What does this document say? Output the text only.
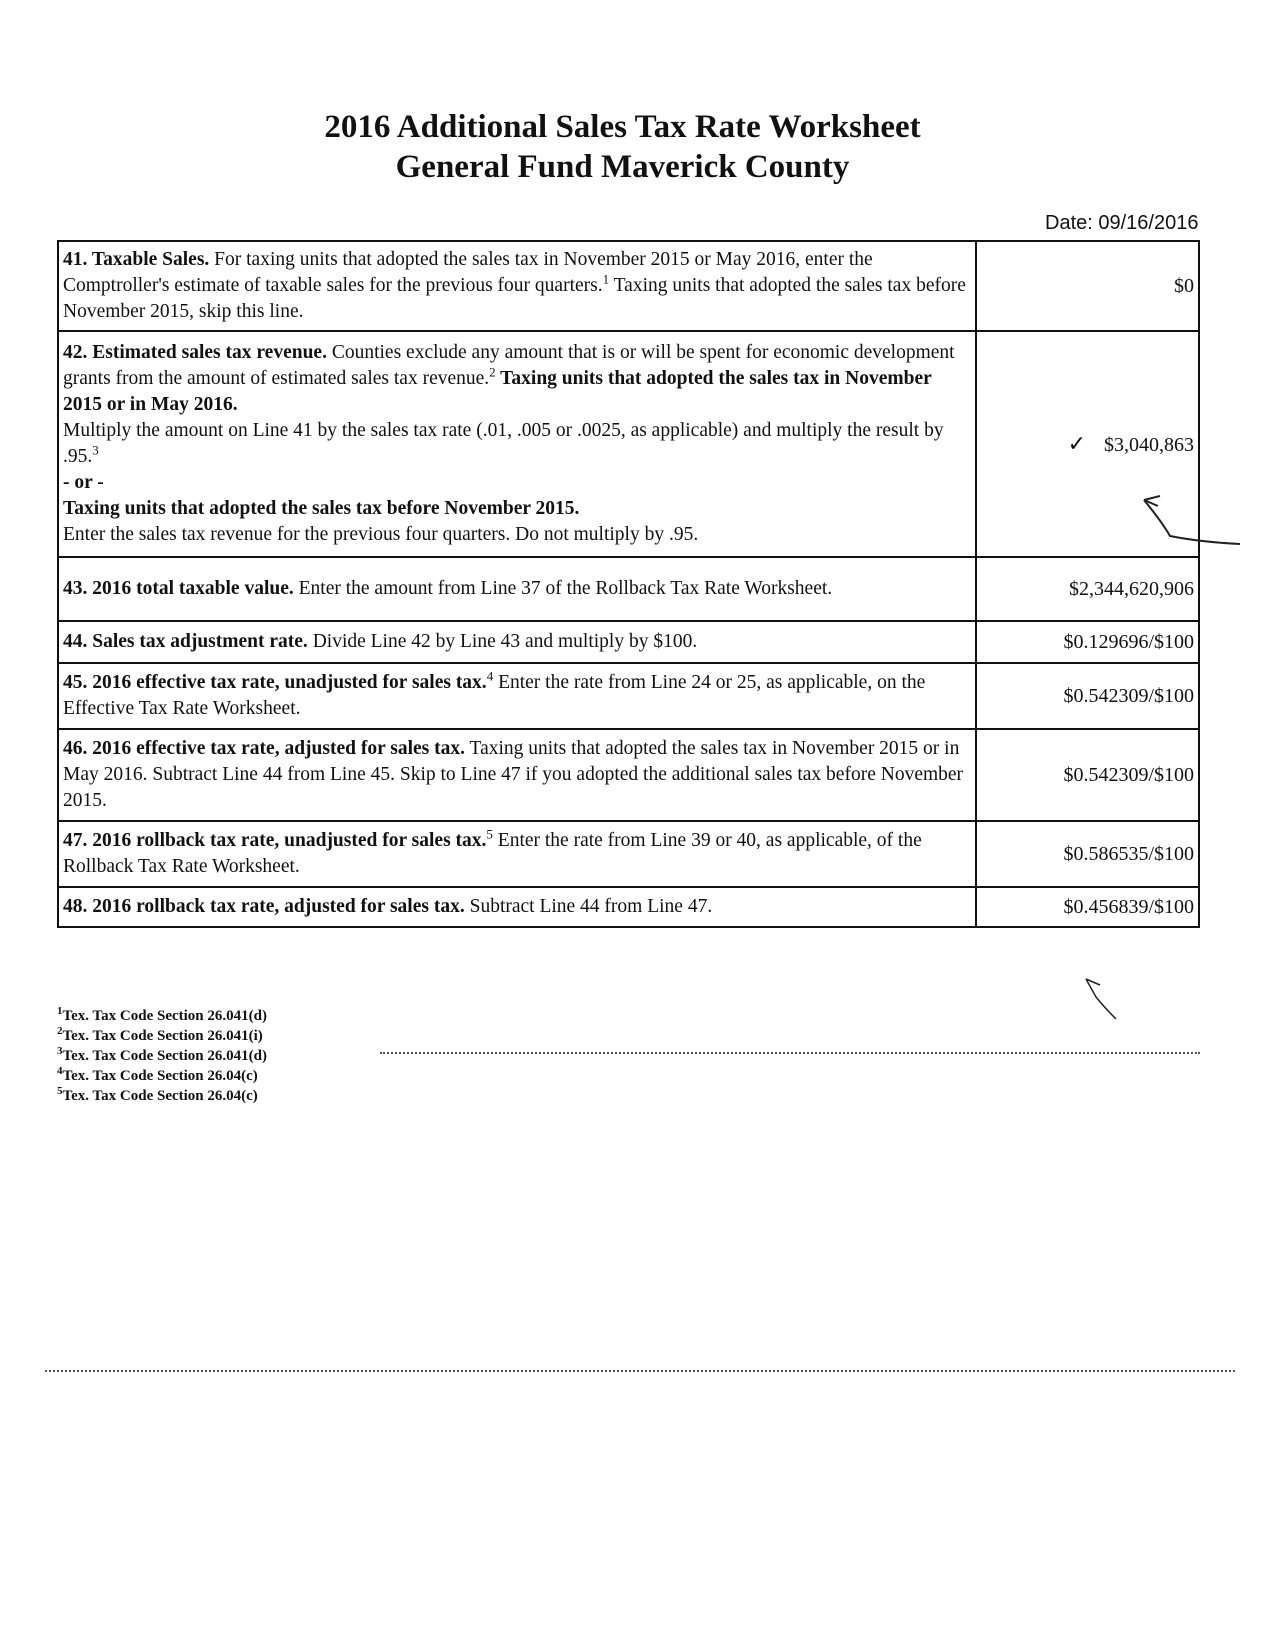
2016 Additional Sales Tax Rate Worksheet
General Fund Maverick County
Date: 09/16/2016
41. Taxable Sales. For taxing units that adopted the sales tax in November 2015 or May 2016, enter the Comptroller's estimate of taxable sales for the previous four quarters.$^1$ Taxing units that adopted the sales tax before November 2015, skip this line.	$0
42. Estimated sales tax revenue. Counties exclude any amount that is or will be spent for economic development grants from the amount of estimated sales tax revenue.$^2$ Taxing units that adopted the sales tax in November 2015 or in May 2016.
Multiply the amount on Line 41 by the sales tax rate (.01, .005 or .0025, as applicable) and multiply the result by .95.$^3$
- or -
Taxing units that adopted the sales tax before November 2015.
Enter the sales tax revenue for the previous four quarters. Do not multiply by .95.	✓ $3,040,863
43. 2016 total taxable value. Enter the amount from Line 37 of the Rollback Tax Rate Worksheet.	$2,344,620,906
44. Sales tax adjustment rate. Divide Line 42 by Line 43 and multiply by $100.	$0.129696/$100
45. 2016 effective tax rate, unadjusted for sales tax.$^4$ Enter the rate from Line 24 or 25, as applicable, on the Effective Tax Rate Worksheet.	$0.542309/$100
46. 2016 effective tax rate, adjusted for sales tax. Taxing units that adopted the sales tax in November 2015 or in May 2016. Subtract Line 44 from Line 45. Skip to Line 47 if you adopted the additional sales tax before November 2015.	$0.542309/$100
47. 2016 rollback tax rate, unadjusted for sales tax.$^5$ Enter the rate from Line 39 or 40, as applicable, of the Rollback Tax Rate Worksheet.	$0.586535/$100
48. 2016 rollback tax rate, adjusted for sales tax. Subtract Line 44 from Line 47.	$0.456839/$100
$^1$Tex. Tax Code Section 26.041(d)
$^2$Tex. Tax Code Section 26.041(i)
$^3$Tex. Tax Code Section 26.041(d)
$^4$Tex. Tax Code Section 26.04(c)
$^5$Tex. Tax Code Section 26.04(c)
